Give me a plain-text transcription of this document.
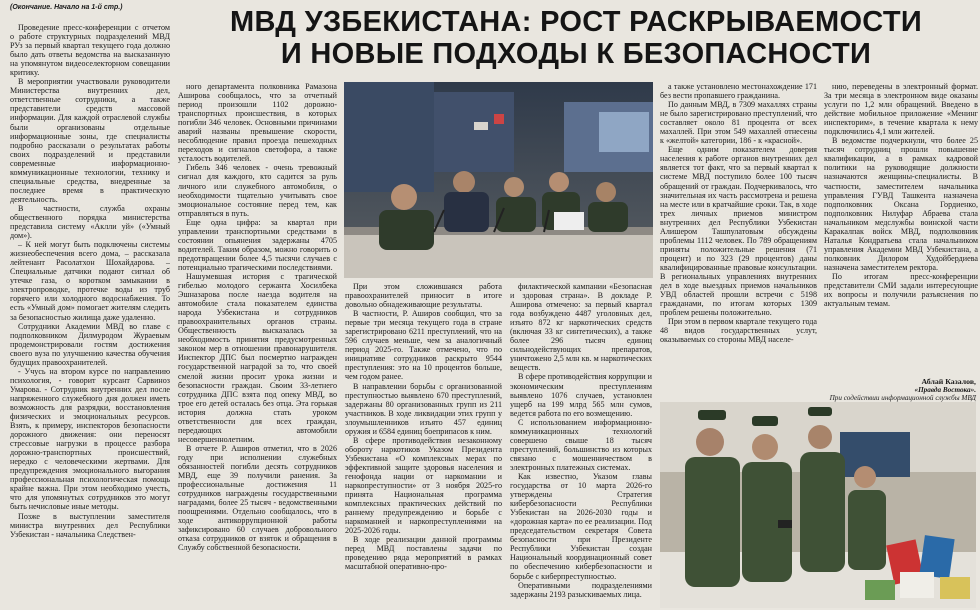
(Окончание. Начало на 1-й стр.)	МВД УЗБЕКИСТАНА: РОСТ РАСКРЫВАЕМОСТИ
И НОВЫЕ ПОДХОДЫ К БЕЗОПАСНОСТИ

Проведение пресс-конференции с отчетом о работе структурных подразделений МВД РУз за первый квартал текущего года должно было дать ответы ведомства на высказанную на упомянутом видеоселекторном совещании критику.

В мероприятии участвовали руководители Министерства внутренних дел, ответственные сотрудники, а также представители средств массовой информации. Для каждой отраслевой службы были организованы отдельные информационные зоны, где специалисты подробно рассказали о результатах работы своих подразделений и представили современные информационно-коммуникационные технологии, технику и специальные средства, внедренные за последнее время в практическую деятельность.

В частности, служба охраны общественного порядка министерства представила систему «Аклли уй» («Умный дом»).

– К ней могут быть подключены системы жизнеобеспечения всего дома, – рассказала лейтенант Расолатхон Шохайдарова. – Специальные датчики подают сигнал об утечке газа, о коротком замыкании в электропроводке, протечке воды из труб горячего или холодного водоснабжения. То есть «Умный дом» помогает жителям следить за безопасностью жилища даже удаленно.

Сотрудники Академии МВД во главе с подполковником Дилмуродом Жураевым продемонстрировали гостям достижения своего вуза по улучшению качества обучения будущих правоохранителей.

- Учусь на втором курсе по направлению психология, - говорит курсант Сарвиноз Умарова. - Сотрудник внутренних дел после напряженного служебного дня должен иметь возможность для разрядки, восстановления физических и эмоциональных ресурсов. Взять, к примеру, инспекторов безопасности дорожного движения: они переносят стрессовые нагрузки в процессе разбора дорожно-транспортных происшествий, нередко с человеческими жертвами. Для предупреждения эмоционального выгорания профессиональная психологическая помощь крайне важна. При этом необходимо учесть, что для упомянутых сотрудников это могут быть нечисловые иные методы.

Позже в выступлении заместителя министра внутренних дел Республики Узбекистан - начальника Следствен-

ного департамента полковника Рамазона Аширова сообщалось, что за отчетный период произошли 1102 дорожно-транспортных происшествия, в которых погибли 346 человек. Основными причинами аварий названы превышение скорости, несоблюдение правил проезда пешеходных переходов и сигналов светофора, а также усталость водителей.

Гибель 346 человек - очень тревожный сигнал для каждого, кто садится за руль личного или служебного автомобиля, о необходимости тщательно учитывать свое эмоциональное состояние перед тем, как отправляться в путь.

Еще одна цифра: за квартал при управлении транспортными средствами в состоянии опьянения задержаны 4705 водителей. Таким образом, можно говорить о предотвращении более 4,5 тысячи случаев с потенциально трагическими последствиями.

Нашумевшая история с трагической гибелью молодого сержанта Хосилбека Эшназарова после наезда водителя на автомобиле стала показателем единства народа Узбекистана и сотрудников правоохранительных органов страны. Общественность высказалась за необходимость принятия предусмотренных законом мер в отношении правонарушителя. Инспектор ДПС был посмертно награжден государственной наградой за то, что своей смелой жизни просит урока жизни и безопасности граждан. Своим 33-летнего сотрудника ДПС взята под опеку МВД, во трое его детей осталась без отца. Эта горькая история должна стать уроком ответственности для всех граждан, передающих автомобили несовершеннолетним.

В отчете Р. Аширов отметил, что в 2026 году при исполнении служебных обязанностей погибли десять сотрудников МВД, еще 39 получили ранения. За профессиональные достижения 11 сотрудников награждены государственными наградами, более 25 тысяч - ведомственными поощрениями. Отдельно сообщалось, что в ходе антикоррупционной работы зафиксировано 60 случаев добровольного отказа сотрудников от взяток и обращения в Службу собственной безопасности.

При этом сложившаяся работа правоохранителей приносит в итоге довольно обнадеживающие результаты.

В частности, Р. Аширов сообщил, что за первые три месяца текущего года в стране зарегистрировано 6211 преступлений, что на 596 случаев меньше, чем за аналогичный период 2025-го. Также отмечено, что по инициативе сотрудников раскрыто 9544 преступления: это на 10 процентов больше, чем годом ранее.

В направлении борьбы с организованной преступностью выявлено 670 преступлений, задержаны 80 организованных групп из 211 участников. В ходе ликвидации этих групп у злоумышленников изъято 457 единиц оружия и 6584 единиц боеприпасов к ним.

В сфере противодействия незаконному обороту наркотиков Указом Президента Узбекистана «О комплексных мерах по эффективной защите здоровья населения и генофонда нации от наркомании и наркопреступности» от 3 ноября 2025-го принята Национальная программа комплексных практических действий по раннему предупреждению и борьбе с наркоманией и наркопреступлениями на 2025-2026 годы.

В ходе реализации данной программы перед МВД поставлены задачи по проведению ряда мероприятий в рамках масштабной оперативно-про-

филактической кампании «Безопасная и здоровая страна». В докладе Р. Аширова отмечено: за первый квартал года возбуждено 4487 уголовных дел, изъято 872 кг наркотических средств (включая 33 кг синтетических), а также более 296 тысяч единиц сильнодействующих препаратов, уничтожено 2,5 млн кв. м наркотических веществ.

В сфере противодействия коррупции и экономическим преступлениям выявлено 1076 случаев, установлен ущерб на 199 млрд 565 млн сумов, ведется работа по его возмещению.

С использованием информационно-коммуникационных технологий совершено свыше 18 тысяч преступлений, большинство из которых связано с мошенничеством в электронных платежных системах.

Как известно, Указом главы государства от 10 марта 2026-го утверждены Стратегия кибербезопасности Республики Узбекистан на 2026-2030 годы и «дорожная карта» по ее реализации. Под председательством секретаря Совета безопасности при Президенте Республики Узбекистан создан Национальный координационный совет по обеспечению кибербезопасности и борьбе с киберпреступностью.

Оперативными подразделениями задержаны 2193 разыскиваемых лица.

а также установлено местонахождение 171 без вести пропавшего гражданина.

По данным МВД, в 7309 махаллях страны не было зарегистрировано преступлений, что составляет около 81 процента от всех махаллей. При этом 549 махаллей отнесены к «желтой» категории, 186 - к «красной».

Еще одним показателем доверия населения к работе органов внутренних дел является тот факт, что за первый квартал к системе МВД поступило более 100 тысяч обращений от граждан. Подчеркивалось, что значительная их часть рассмотрена и решена на месте или в кратчайшие сроки. Так, в ходе трех личных приемов министром внутренних дел Республики Узбекистан Алишером Ташпулатовым обсуждены проблемы 1112 человек. По 789 обращениям приняты положительные решения (71 процент) и по 323 (29 процентов) даны квалифицированные правовые консультации. В региональных управлениях внутренних дел в ходе выездных приемов начальников УВД областей прошли встречи с 5198 гражданами, по итогам которых 1309 проблем решены положительно.

При этом в первом квартале текущего года 48 видов государственных услут, оказываемых со стороны МВД населе-

нию, переведены в электронный формат. За три месяца в электронном виде оказаны услуги по 1,2 млн обращений. Введено в действие мобильное приложение «Менинг инспекторим», в течение квартала к нему подключились 4,1 млн жителей.

В ведомстве подчеркнули, что более 25 тысяч сотрудниц прошли повышение квалификации, а в рамках кадровой политики на руководящие должности назначаются женщины-специалисты. В частности, заместителем начальника управления ГУВД Ташкента назначена подполковник Оксана Гордиенко, подполковник Нилуфар Абраева стала начальником медслужбы воинской части Каракалпак войск МВД, подполковник Наталья Кондратьева стала начальником управления Академии МВД Узбекистана, а полковник Дилором Худойбердиева назначена заместителем ректора.

По итогам пресс-конференции представители СМИ задали интересующие их вопросы и получили разъяснения по актуальным темам.

Аблай Казалов,
«Правда Востока».
При содействии информационной службы МВД
